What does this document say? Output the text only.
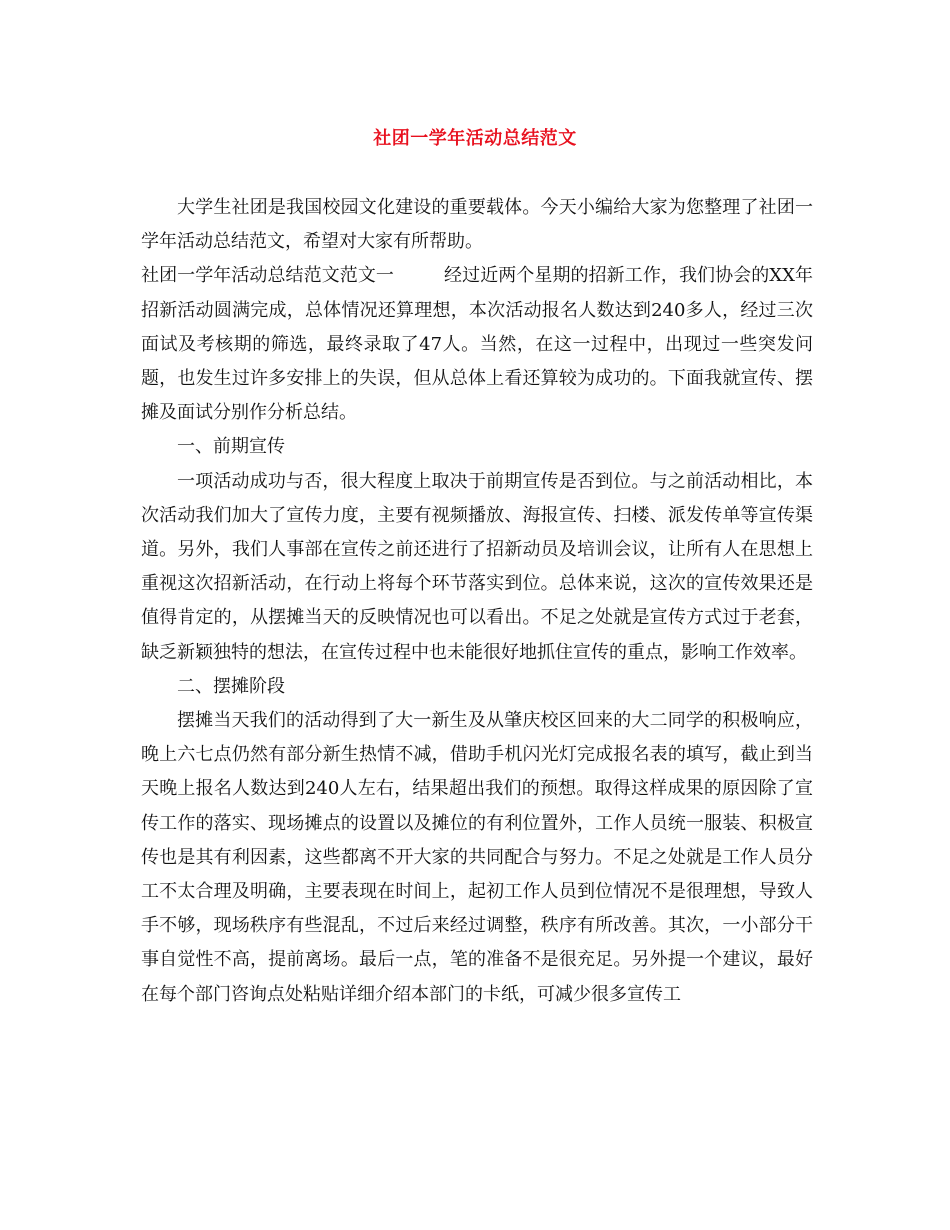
社团一学年活动总结范文

大学生社团是我国校园文化建设的重要载体。今天小编给大家为您整理了社团一学年活动总结范文，希望对大家有所帮助。

社团一学年活动总结范文范文一	经过近两个星期的招新工作，我们协会的XX年招新活动圆满完成，总体情况还算理想，本次活动报名人数达到240多人，经过三次面试及考核期的筛选，最终录取了47人。当然，在这一过程中，出现过一些突发问题，也发生过许多安排上的失误，但从总体上看还算较为成功的。下面我就宣传、摆摊及面试分别作分析总结。

一、前期宣传

一项活动成功与否，很大程度上取决于前期宣传是否到位。与之前活动相比，本次活动我们加大了宣传力度，主要有视频播放、海报宣传、扫楼、派发传单等宣传渠道。另外，我们人事部在宣传之前还进行了招新动员及培训会议，让所有人在思想上重视这次招新活动，在行动上将每个环节落实到位。总体来说，这次的宣传效果还是值得肯定的，从摆摊当天的反映情况也可以看出。不足之处就是宣传方式过于老套，缺乏新颖独特的想法，在宣传过程中也未能很好地抓住宣传的重点，影响工作效率。

二、摆摊阶段

摆摊当天我们的活动得到了大一新生及从肇庆校区回来的大二同学的积极响应，晚上六七点仍然有部分新生热情不减，借助手机闪光灯完成报名表的填写，截止到当天晚上报名人数达到240人左右，结果超出我们的预想。取得这样成果的原因除了宣传工作的落实、现场摊点的设置以及摊位的有利位置外，工作人员统一服装、积极宣传也是其有利因素，这些都离不开大家的共同配合与努力。不足之处就是工作人员分工不太合理及明确，主要表现在时间上，起初工作人员到位情况不是很理想，导致人手不够，现场秩序有些混乱，不过后来经过调整，秩序有所改善。其次，一小部分干事自觉性不高，提前离场。最后一点，笔的准备不是很充足。另外提一个建议，最好在每个部门咨询点处粘贴详细介绍本部门的卡纸，可减少很多宣传工
